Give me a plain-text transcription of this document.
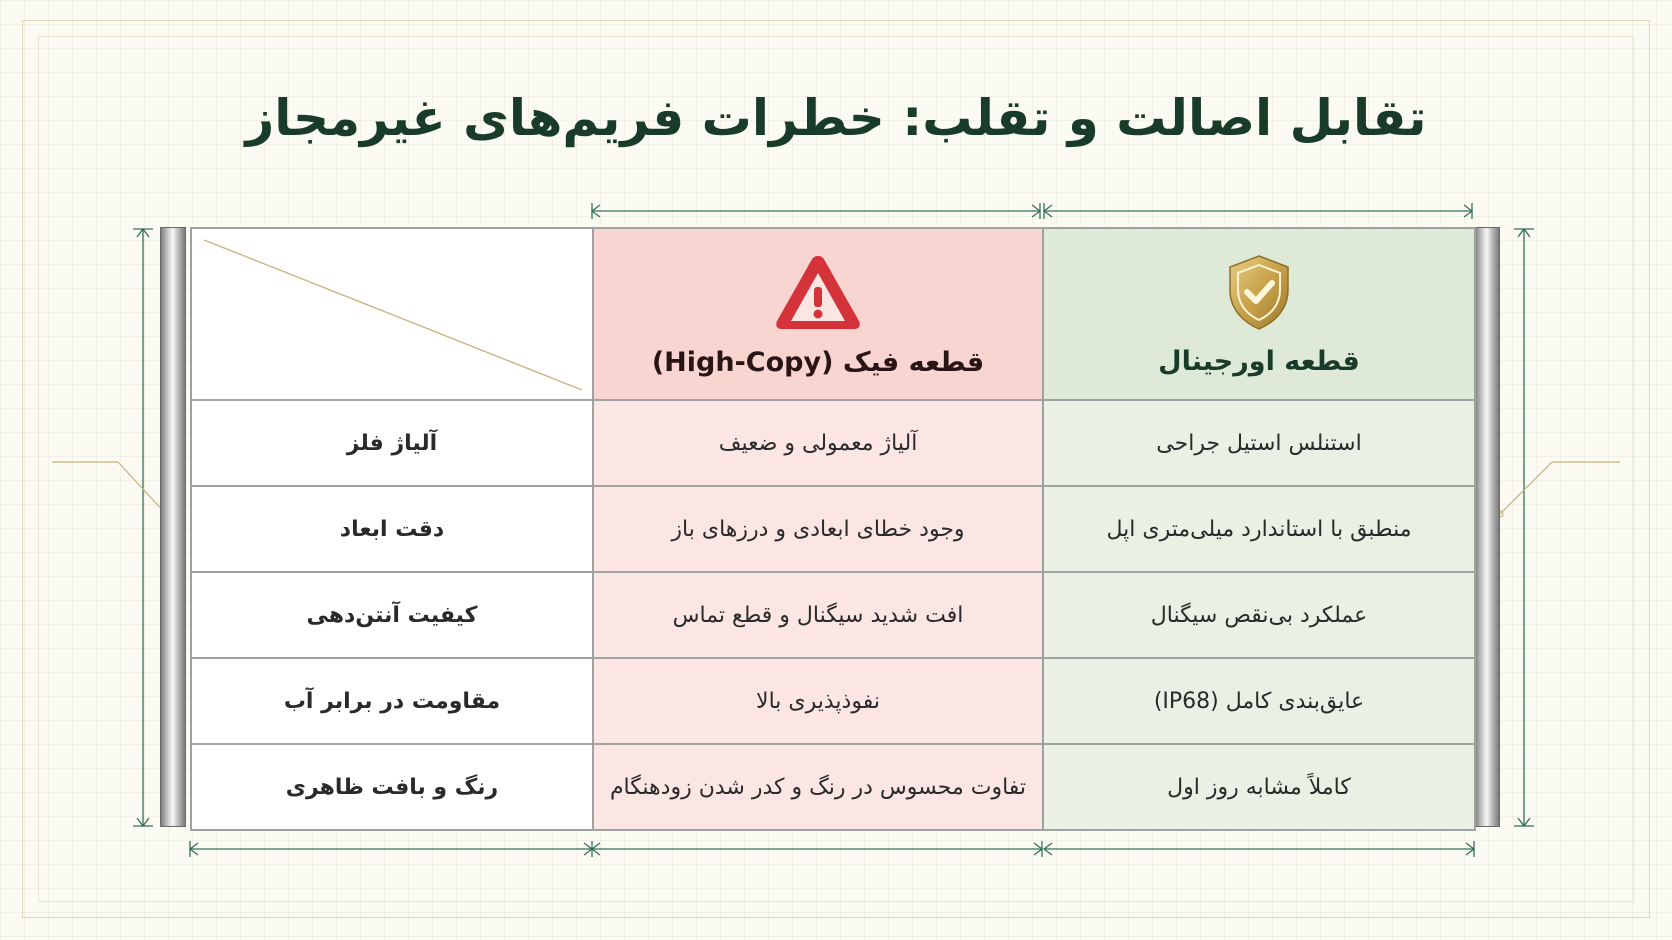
تقابل اصالت و تقلب: خطرات فریم‌های غیرمجاز
قطعه اورجینال	قطعه فیک (High-Copy)

استنلس استیل جراحی	آلیاژ معمولی و ضعیف	آلیاژ فلز
منطبق با استاندارد میلی‌متری اپل	وجود خطای ابعادی و درزهای باز	دقت ابعاد
عملکرد بی‌نقص سیگنال	افت شدید سیگنال و قطع تماس	کیفیت آنتن‌دهی
عایق‌بندی کامل (IP68)	نفوذپذیری بالا	مقاومت در برابر آب
کاملاً مشابه روز اول	تفاوت محسوس در رنگ و کدر شدن زودهنگام	رنگ و بافت ظاهری
